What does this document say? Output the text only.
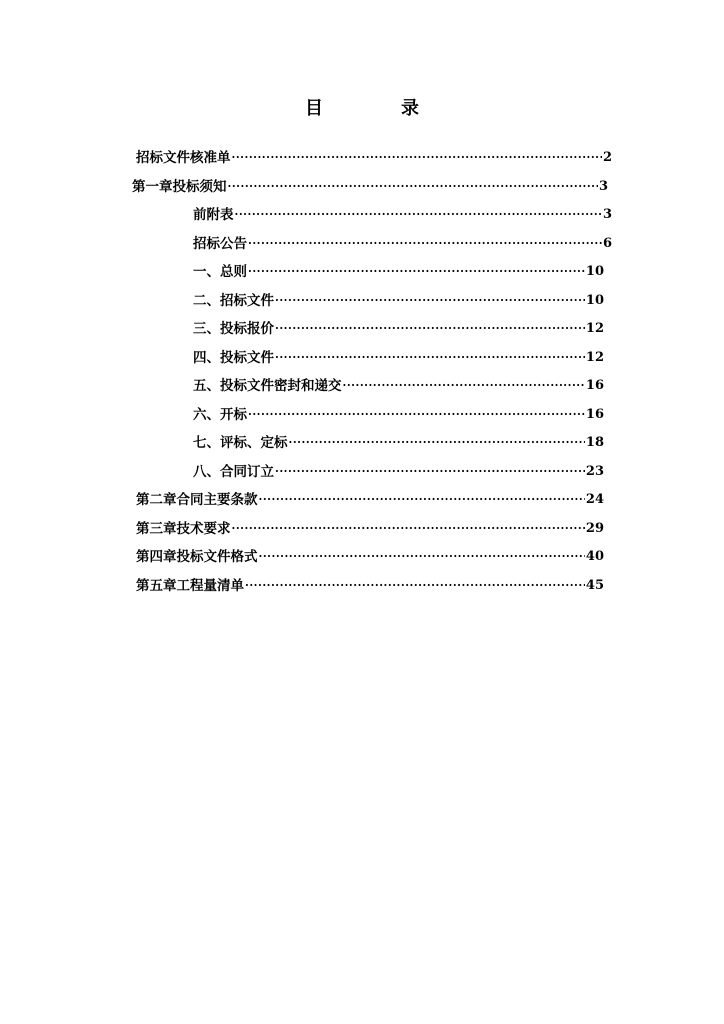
目	录
招标文件核准单 ·····	2
第一章 投标须知 ·····	3
前附表 ·····	3
招标公告 ·····	6
一、总则 ·····	10
二、招标文件 ·····	10
三、投标报价 ·····	12
四、投标文件 ·····	12
五、投标文件密封和递交 ·····	16
六、开标 ·····	16
七、评标、定标 ·····	18
八、合同订立 ·····	23
第二章 合同主要条款 ·····	24
第三章 技术要求 ·····	29
第四章 投标文件格式 ·····	40
第五章 工程量清单 ·····	45
